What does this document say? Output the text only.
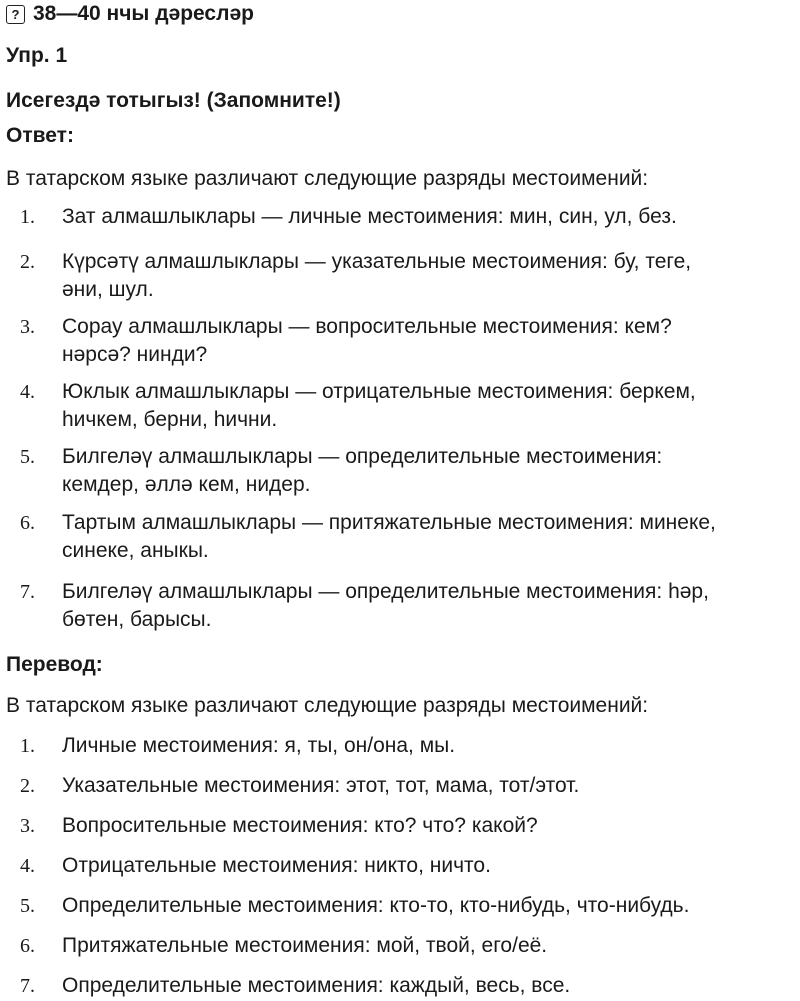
? 38—40 нчы дәресләр
Упр. 1
Исегездә тотыгыз! (Запомните!)
Ответ:
В татарском языке различают следующие разряды местоимений:
1.	Зат алмашлыклары — личные местоимения: мин, син, ул, без.
2.	Күрсәтү алмашлыклары — указательные местоимения: бу, теге,
әни, шул.
3.	Сорау алмашлыклары — вопросительные местоимения: кем?
нәрсә? нинди?
4.	Юклык алмашлыклары — отрицательные местоимения: беркем,
һичкем, берни, һични.
5.	Билгеләү алмашлыклары — определительные местоимения:
кемдер, әллә кем, нидер.
6.	Тартым алмашлыклары — притяжательные местоимения: минеке,
синеке, аныкы.
7.	Билгеләү алмашлыклары — определительные местоимения: һәр,
бөтен, барысы.
Перевод:
В татарском языке различают следующие разряды местоимений:
1.	Личные местоимения: я, ты, он/она, мы.
2.	Указательные местоимения: этот, тот, мама, тот/этот.
3.	Вопросительные местоимения: кто? что? какой?
4.	Отрицательные местоимения: никто, ничто.
5.	Определительные местоимения: кто-то, кто-нибудь, что-нибудь.
6.	Притяжательные местоимения: мой, твой, его/её.
7.	Определительные местоимения: каждый, весь, все.
